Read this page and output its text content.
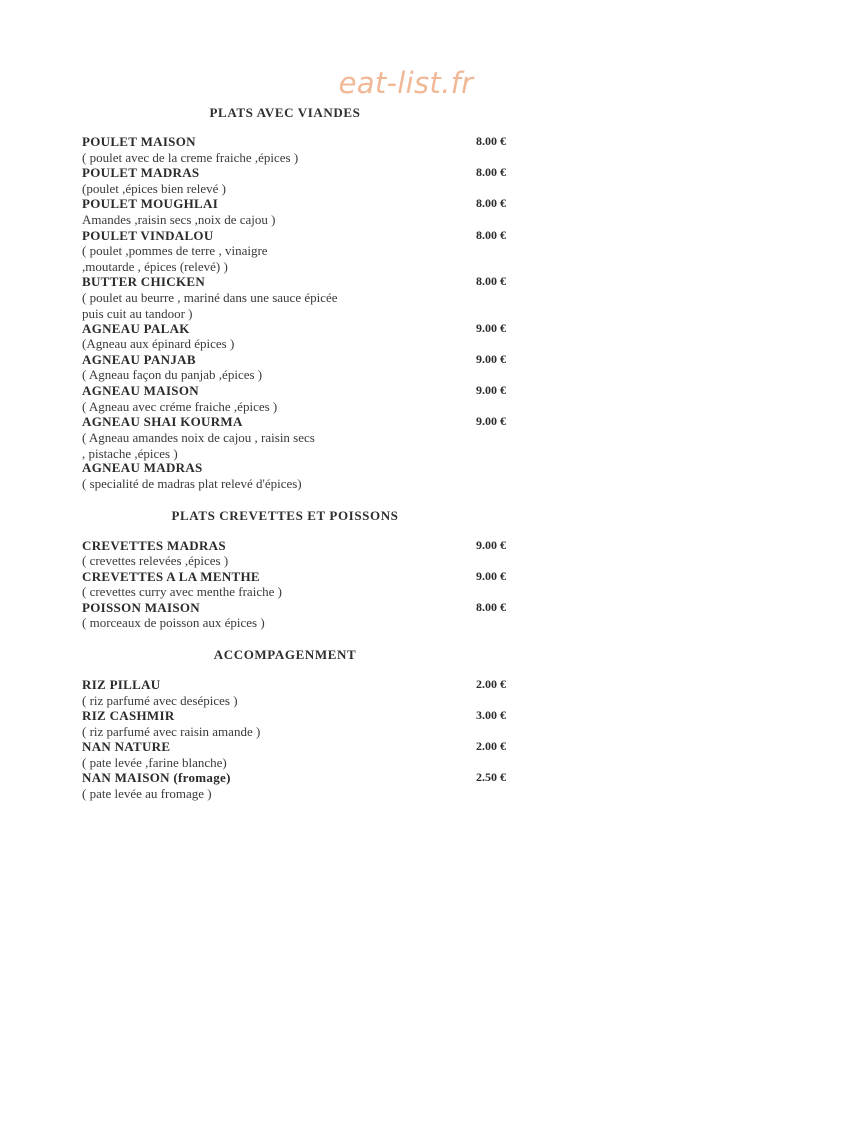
eat-list.fr
PLATS AVEC VIANDES
POULET MAISON	8.00 €
( poulet avec de la creme fraiche ,épices )
POULET MADRAS	8.00 €
(poulet ,épices bien relevé )
POULET MOUGHLAI	8.00 €
Amandes ,raisin secs ,noix de cajou )
POULET VINDALOU	8.00 €
( poulet ,pommes de terre , vinaigre
,moutarde , épices (relevé) )
BUTTER CHICKEN	8.00 €
( poulet au beurre , mariné dans une sauce épicée
puis cuit au tandoor )
AGNEAU PALAK	9.00 €
(Agneau aux épinard épices )
AGNEAU PANJAB	9.00 €
( Agneau façon du panjab ,épices )
AGNEAU MAISON	9.00 €
( Agneau avec créme fraiche ,épices )
AGNEAU SHAI KOURMA	9.00 €
( Agneau amandes noix de cajou , raisin secs
, pistache ,épices )
AGNEAU MADRAS
( specialité de madras plat relevé d'épices)
PLATS CREVETTES ET POISSONS
CREVETTES MADRAS	9.00 €
( crevettes relevées ,épices )
CREVETTES A LA MENTHE	9.00 €
( crevettes curry avec menthe fraiche )
POISSON MAISON	8.00 €
( morceaux de poisson aux épices )
ACCOMPAGENMENT
RIZ PILLAU	2.00 €
( riz parfumé avec desépices )
RIZ CASHMIR	3.00 €
( riz parfumé avec raisin amande )
NAN NATURE	2.00 €
( pate levée ,farine blanche)
NAN MAISON (fromage)	2.50 €
( pate levée au fromage )
